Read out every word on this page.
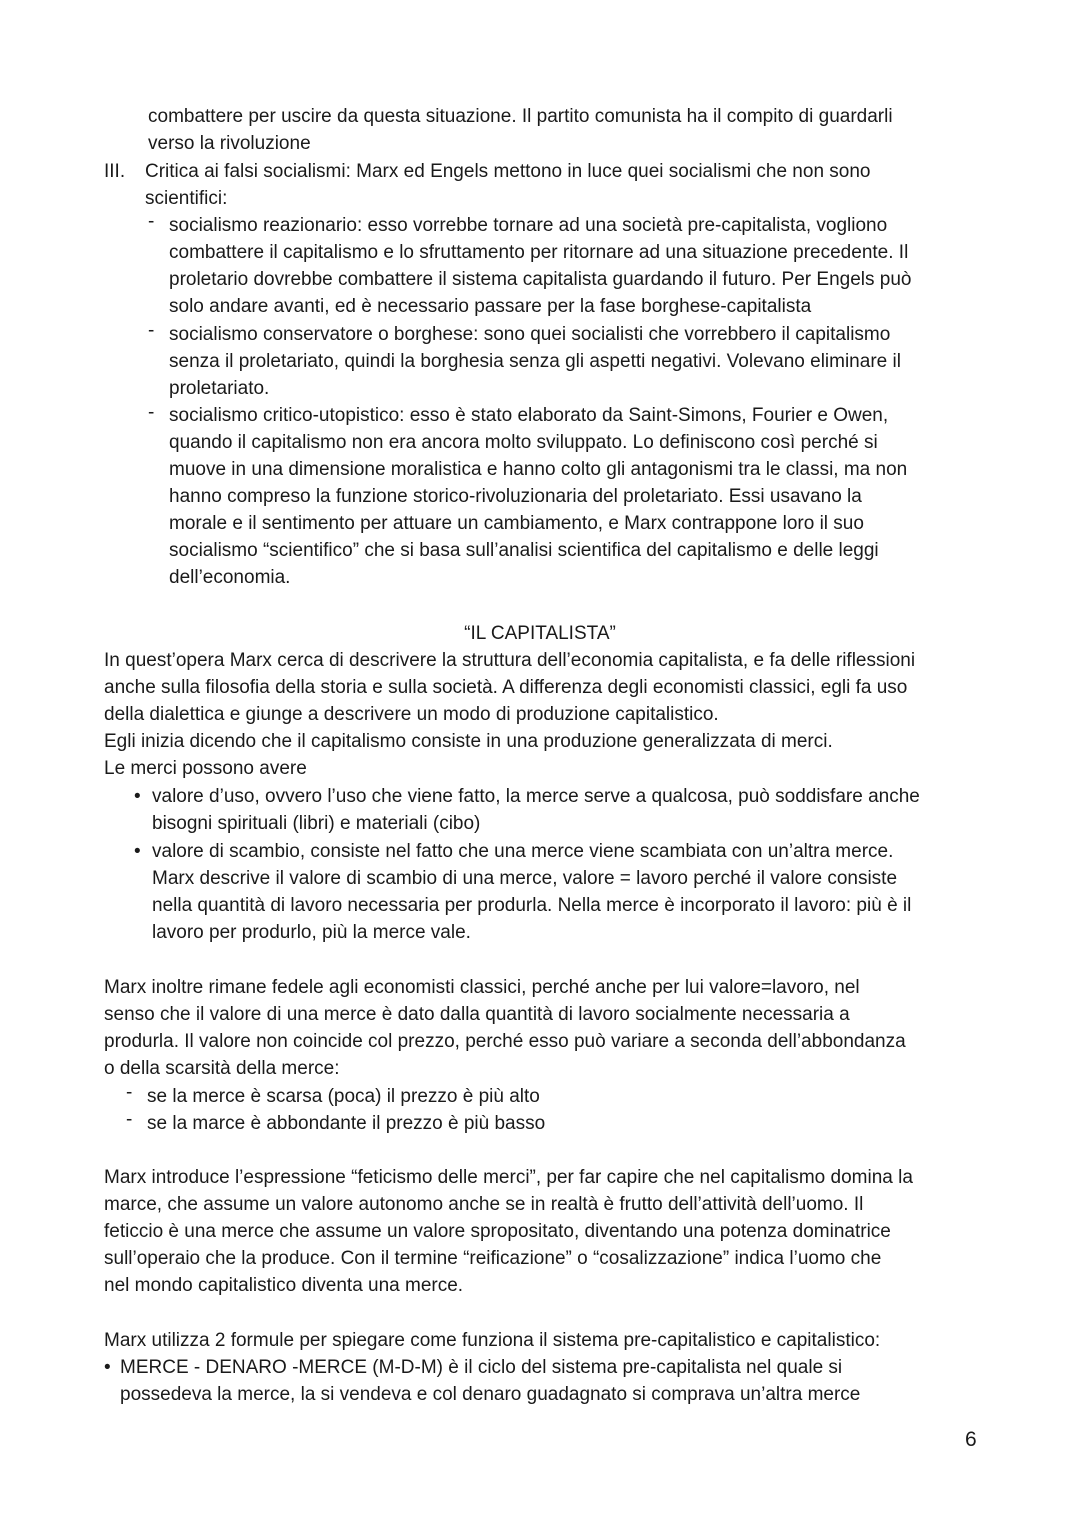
combattere per uscire da questa situazione. Il partito comunista ha il compito di guardarli
verso la rivoluzione
III. Critica ai falsi socialismi: Marx ed Engels mettono in luce quei socialismi che non sono
scientifici:
- socialismo reazionario: esso vorrebbe tornare ad una società pre-capitalista, vogliono
combattere il capitalismo e lo sfruttamento per ritornare ad una situazione precedente. Il
proletario dovrebbe combattere il sistema capitalista guardando il futuro. Per Engels può
solo andare avanti, ed è necessario passare per la fase borghese-capitalista
- socialismo conservatore o borghese: sono quei socialisti che vorrebbero il capitalismo
senza il proletariato, quindi la borghesia senza gli aspetti negativi. Volevano eliminare il
proletariato.
- socialismo critico-utopistico: esso è stato elaborato da Saint-Simons, Fourier e Owen,
quando il capitalismo non era ancora molto sviluppato. Lo definiscono così perché si
muove in una dimensione moralistica e hanno colto gli antagonismi tra le classi, ma non
hanno compreso la funzione storico-rivoluzionaria del proletariato. Essi usavano la
morale e il sentimento per attuare un cambiamento, e Marx contrappone loro il suo
socialismo “scientifico” che si basa sull’analisi scientifica del capitalismo e delle leggi
dell’economia.
“IL CAPITALISTA”
In quest’opera Marx cerca di descrivere la struttura dell’economia capitalista, e fa delle riflessioni
anche sulla filosofia della storia e sulla società. A differenza degli economisti classici, egli fa uso
della dialettica e giunge a descrivere un modo di produzione capitalistico.
Egli inizia dicendo che il capitalismo consiste in una produzione generalizzata di merci.
Le merci possono avere
• valore d’uso, ovvero l’uso che viene fatto, la merce serve a qualcosa, può soddisfare anche
bisogni spirituali (libri) e materiali (cibo)
• valore di scambio, consiste nel fatto che una merce viene scambiata con un’altra merce.
Marx descrive il valore di scambio di una merce, valore = lavoro perché il valore consiste
nella quantità di lavoro necessaria per produrla. Nella merce è incorporato il lavoro: più è il
lavoro per produrlo, più la merce vale.
Marx inoltre rimane fedele agli economisti classici, perché anche per lui valore=lavoro, nel
senso che il valore di una merce è dato dalla quantità di lavoro socialmente necessaria a
produrla. Il valore non coincide col prezzo, perché esso può variare a seconda dell’abbondanza
o della scarsità della merce:
- se la merce è scarsa (poca) il prezzo è più alto
- se la marce è abbondante il prezzo è più basso
Marx introduce l’espressione “feticismo delle merci”, per far capire che nel capitalismo domina la
marce, che assume un valore autonomo anche se in realtà è frutto dell’attività dell’uomo. Il
feticcio è una merce che assume un valore spropositato, diventando una potenza dominatrice
sull’operaio che la produce. Con il termine “reificazione” o “cosalizzazione” indica l’uomo che
nel mondo capitalistico diventa una merce.
Marx utilizza 2 formule per spiegare come funziona il sistema pre-capitalistico e capitalistico:
• MERCE - DENARO -MERCE (M-D-M) è il ciclo del sistema pre-capitalista nel quale si
possedeva la merce, la si vendeva e col denaro guadagnato si comprava un’altra merce
6
